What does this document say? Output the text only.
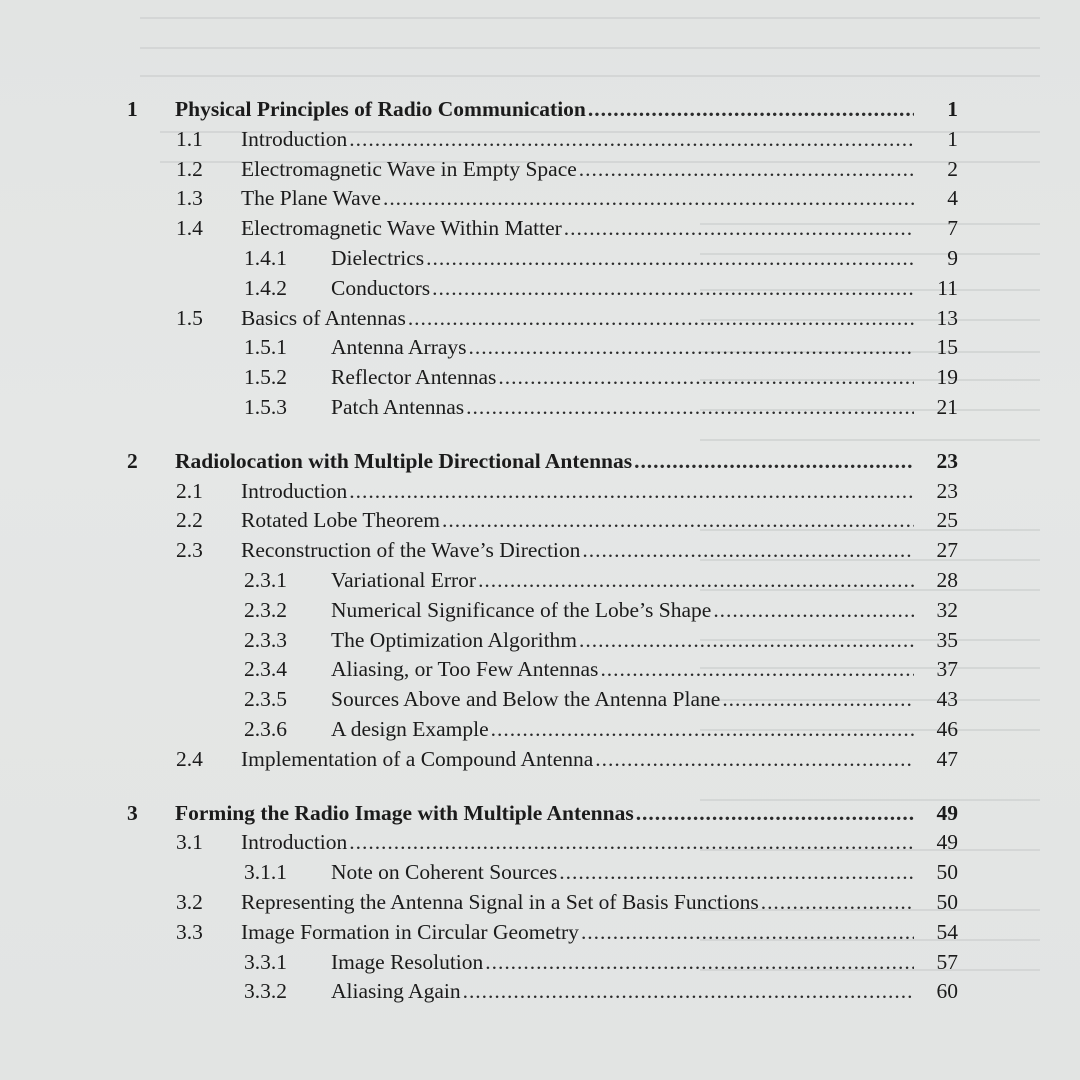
1 Physical Principles of Radio Communication . . .	1
1.1 Introduction . . .	1
1.2 Electromagnetic Wave in Empty Space . . .	2
1.3 The Plane Wave . . .	4
1.4 Electromagnetic Wave Within Matter . . .	7
1.4.1 Dielectrics . . .	9
1.4.2 Conductors . . .	11
1.5 Basics of Antennas . . .	13
1.5.1 Antenna Arrays . . .	15
1.5.2 Reflector Antennas . . .	19
1.5.3 Patch Antennas . . .	21
2 Radiolocation with Multiple Directional Antennas . . .	23
2.1 Introduction . . .	23
2.2 Rotated Lobe Theorem . . .	25
2.3 Reconstruction of the Wave’s Direction . . .	27
2.3.1 Variational Error . . .	28
2.3.2 Numerical Significance of the Lobe’s Shape . . .	32
2.3.3 The Optimization Algorithm . . .	35
2.3.4 Aliasing, or Too Few Antennas . . .	37
2.3.5 Sources Above and Below the Antenna Plane . . .	43
2.3.6 A design Example . . .	46
2.4 Implementation of a Compound Antenna . . .	47
3 Forming the Radio Image with Multiple Antennas . . .	49
3.1 Introduction . . .	49
3.1.1 Note on Coherent Sources . . .	50
3.2 Representing the Antenna Signal in a Set of Basis Functions . . .	50
3.3 Image Formation in Circular Geometry . . .	54
3.3.1 Image Resolution . . .	57
3.3.2 Aliasing Again . . .	60
